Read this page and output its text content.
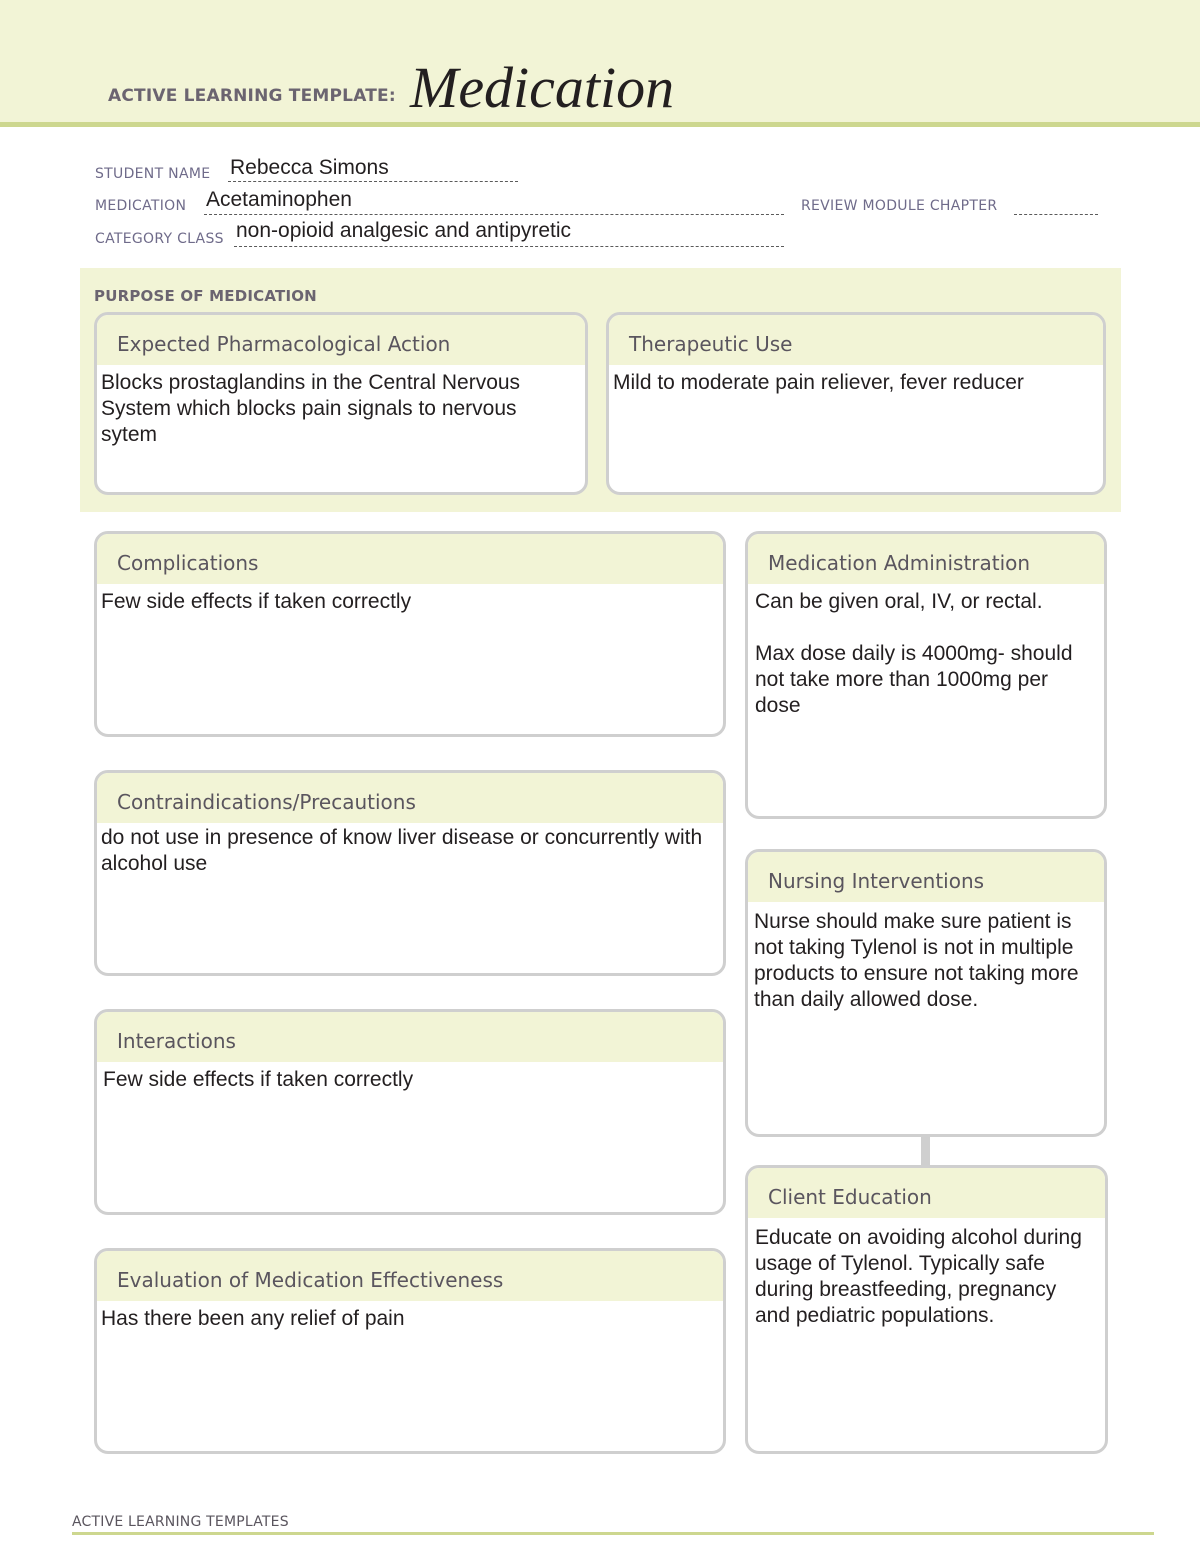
ACTIVE LEARNING TEMPLATE: Medication
STUDENT NAME Rebecca Simons
MEDICATION Acetaminophen	REVIEW MODULE CHAPTER
CATEGORY CLASS non-opioid analgesic and antipyretic
PURPOSE OF MEDICATION
Expected Pharmacological Action
Blocks prostaglandins in the Central Nervous System which blocks pain signals to nervous sytem
Therapeutic Use
Mild to moderate pain reliever, fever reducer
Complications
Few side effects if taken correctly
Contraindications/Precautions
do not use in presence of know liver disease or concurrently with alcohol use
Interactions
Few side effects if taken correctly
Evaluation of Medication Effectiveness
Has there been any relief of pain
Medication Administration
Can be given oral, IV, or rectal.

Max dose daily is 4000mg- should not take more than 1000mg per dose
Nursing Interventions
Nurse should make sure patient is not taking Tylenol is not in multiple products to ensure not taking more than daily allowed dose.
Client Education
Educate on avoiding alcohol during usage of Tylenol. Typically safe during breastfeeding, pregnancy and pediatric populations.
ACTIVE LEARNING TEMPLATES
